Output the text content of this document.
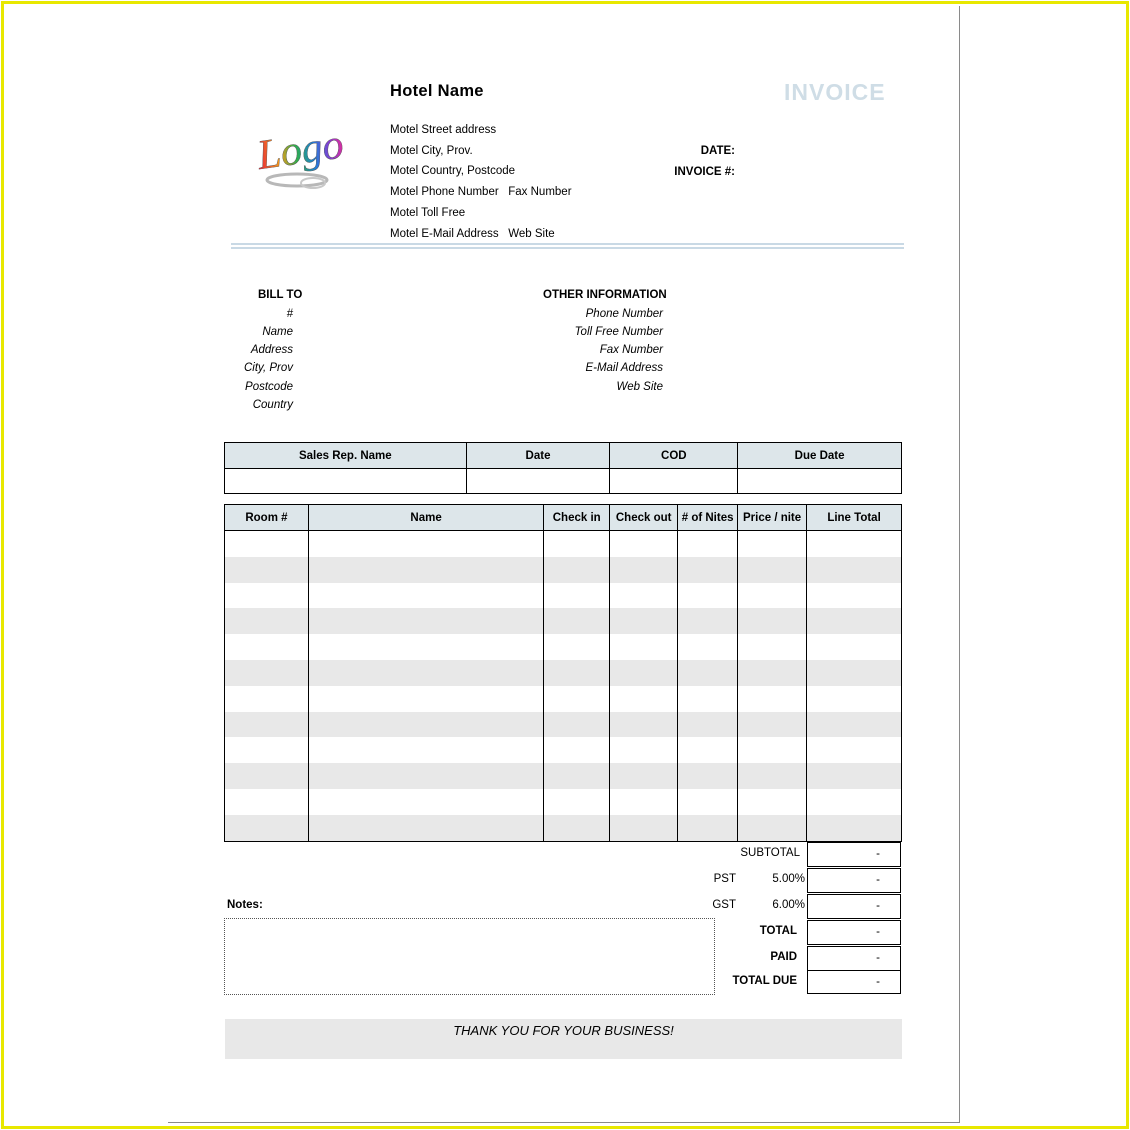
Logo
Hotel Name	INVOICE
Motel Street address
Motel City, Prov.
Motel Country, Postcode
Motel Phone Number   Fax Number
Motel Toll Free
Motel E-Mail Address   Web Site
DATE:
INVOICE #:
BILL TO
#
Name
Address
City, Prov
Postcode
Country
OTHER INFORMATION
Phone Number
Toll Free Number
Fax Number
E-Mail Address
Web Site
Sales Rep. Name	Date	COD	Due Date

Room #	Name	Check in	Check out	# of Nites	Price / nite	Line Total

SUBTOTAL	-
PST	5.00%	-
GST	6.00%	-
TOTAL	-
PAID	-
TOTAL DUE	-
Notes:
THANK YOU FOR YOUR BUSINESS!
